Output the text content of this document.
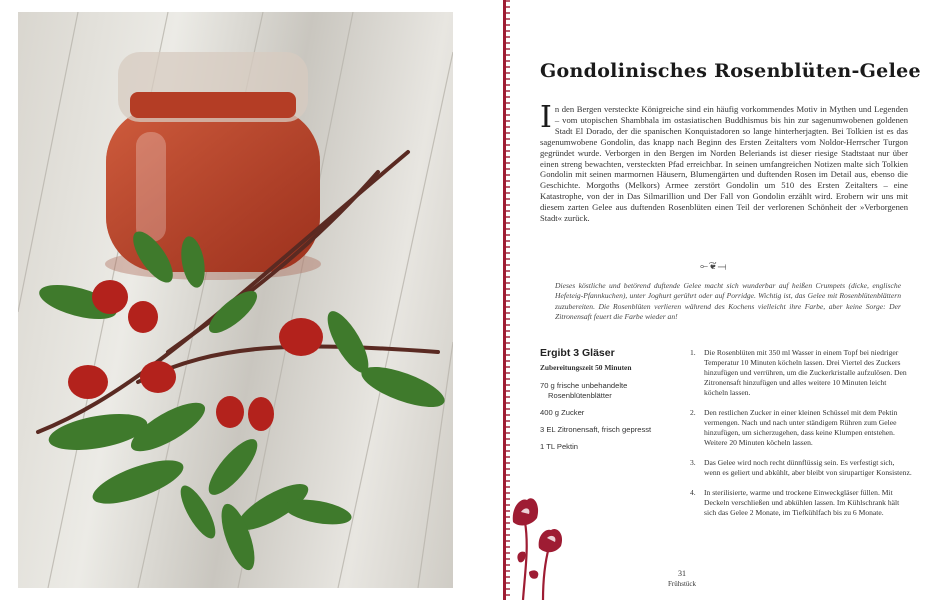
Gondolinisches Rosenblüten-Gelee
In den Bergen versteckte Königreiche sind ein häufig vorkommendes Motiv in Mythen und Legenden – vom utopischen Shambhala im ostasiatischen Buddhismus bis hin zur sagenumwobenen goldenen Stadt El Dorado, der die spanischen Konquistadoren so lange hinterherjagten. Bei Tolkien ist es das sagenumwobene Gondolin, das knapp nach Beginn des Ersten Zeitalters vom Noldor-Herrscher Turgon gegründet wurde. Verborgen in den Bergen im Norden Beleriands ist dieser riesige Stadtstaat nur über einen streng bewachten, versteckten Pfad erreichbar. In seinen umfangreichen Notizen malte sich Tolkien Gondolin mit seinen marmornen Häusern, Blumengärten und duftenden Rosen im Detail aus, ebenso die Geschichte. Morgoths (Melkors) Armee zerstört Gondolin um 510 des Ersten Zeitalters – eine Katastrophe, von der in Das Silmarillion und Der Fall von Gondolin erzählt wird. Erobern wir uns mit diesem zarten Gelee aus duftenden Rosenblüten einen Teil der verlorenen Schönheit der »Verborgenen Stadt« zurück.
⟜❦⟞
Dieses köstliche und betörend duftende Gelee macht sich wunderbar auf heißen Crumpets (dicke, englische Hefeteig-Pfannkuchen), unter Joghurt gerührt oder auf Porridge. Wichtig ist, das Gelee mit Rosenblütenblättern zuzubereiten. Die Rosenblüten verlieren während des Kochens vielleicht ihre Farbe, aber keine Sorge: Der Zitronensaft feuert die Farbe wieder an!
Ergibt 3 Gläser
Zubereitungszeit 50 Minuten
70 g frische unbehandelte
Rosenblütenblätter
400 g Zucker
3 EL Zitronensaft, frisch gepresst
1 TL Pektin
1. Die Rosenblüten mit 350 ml Wasser in einem Topf bei niedriger Temperatur 10 Minuten köcheln lassen. Drei Viertel des Zuckers hinzufügen und verrühren, um die Zuckerkristalle aufzulösen. Den Zitronensaft hinzufügen und alles weitere 10 Minuten leicht köcheln lassen.
2. Den restlichen Zucker in einer kleinen Schüssel mit dem Pektin vermengen. Nach und nach unter ständigem Rühren zum Gelee hinzufügen, um sicherzugehen, dass keine Klumpen entstehen. Weitere 20 Minuten köcheln lassen.
3. Das Gelee wird noch recht dünnflüssig sein. Es verfestigt sich, wenn es geliert und abkühlt, aber bleibt von sirupartiger Konsistenz.
4. In sterilisierte, warme und trockene Einweckgläser füllen. Mit Deckeln verschließen und abkühlen lassen. Im Kühlschrank hält sich das Gelee 2 Monate, im Tiefkühlfach bis zu 6 Monate.
31
Frühstück
